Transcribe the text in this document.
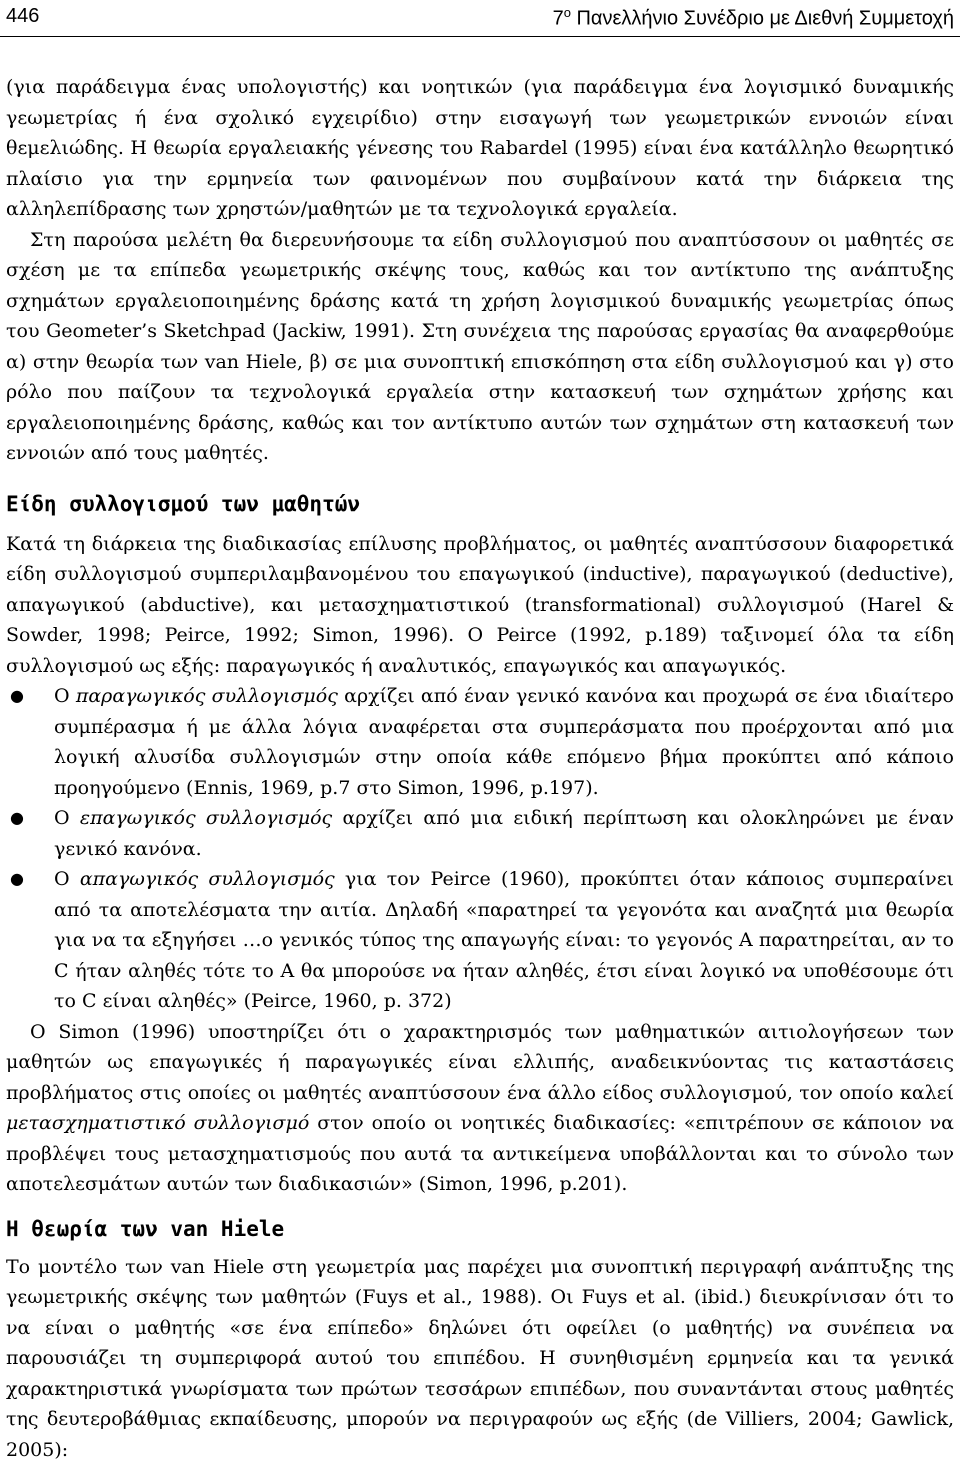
446	$7^o$ Πανελλήνιο Συνέδριο με Διεθνή Συμμετοχή

(για παράδειγμα ένας υπολογιστής) και νοητικών (για παράδειγμα ένα λογισμικό δυναμικής γεωμετρίας ή ένα σχολικό εγχειρίδιο) στην εισαγωγή των γεωμετρικών εννοιών είναι θεμελιώδης. Η θεωρία εργαλειακής γένεσης του Rabardel (1995) είναι ένα κατάλληλο θεωρητικό πλαίσιο για την ερμηνεία των φαινομένων που συμβαίνουν κατά την διάρκεια της αλληλεπίδρασης των χρηστών/μαθητών με τα τεχνολογικά εργαλεία.

Στη παρούσα μελέτη θα διερευνήσουμε τα είδη συλλογισμού που αναπτύσσουν οι μαθητές σε σχέση με τα επίπεδα γεωμετρικής σκέψης τους, καθώς και τον αντίκτυπο της ανάπτυξης σχημάτων εργαλειοποιημένης δράσης κατά τη χρήση λογισμικού δυναμικής γεωμετρίας όπως του Geometer’s Sketchpad (Jackiw, 1991). Στη συνέχεια της παρούσας εργασίας θα αναφερθούμε α) στην θεωρία των van Hiele, β) σε μια συνοπτική επισκόπηση στα είδη συλλογισμού και γ) στο ρόλο που παίζουν τα τεχνολογικά εργαλεία στην κατασκευή των σχημάτων χρήσης και εργαλειοποιημένης δράσης, καθώς και τον αντίκτυπο αυτών των σχημάτων στη κατασκευή των εννοιών από τους μαθητές.

Είδη συλλογισμού των μαθητών

Κατά τη διάρκεια της διαδικασίας επίλυσης προβλήματος, οι μαθητές αναπτύσσουν διαφορετικά είδη συλλογισμού συμπεριλαμβανομένου του επαγωγικού (inductive), παραγωγικού (deductive), απαγωγικού (abductive), και μετασχηματιστικού (transformational) συλλογισμού (Harel & Sowder, 1998; Peirce, 1992; Simon, 1996). Ο Peirce (1992, p.189) ταξινομεί όλα τα είδη συλλογισμού ως εξής: παραγωγικός ή αναλυτικός, επαγωγικός και απαγωγικός.

● Ο παραγωγικός συλλογισμός αρχίζει από έναν γενικό κανόνα και προχωρά σε ένα ιδιαίτερο συμπέρασμα ή με άλλα λόγια αναφέρεται στα συμπεράσματα που προέρχονται από μια λογική αλυσίδα συλλογισμών στην οποία κάθε επόμενο βήμα προκύπτει από κάποιο προηγούμενο (Ennis, 1969, p.7 στο Simon, 1996, p.197).
● Ο επαγωγικός συλλογισμός αρχίζει από μια ειδική περίπτωση και ολοκληρώνει με έναν γενικό κανόνα.
● Ο απαγωγικός συλλογισμός για τον Peirce (1960), προκύπτει όταν κάποιος συμπεραίνει από τα αποτελέσματα την αιτία. Δηλαδή «παρατηρεί τα γεγονότα και αναζητά μια θεωρία για να τα εξηγήσει …ο γενικός τύπος της απαγωγής είναι: το γεγονός Α παρατηρείται, αν το C ήταν αληθές τότε το Α θα μπορούσε να ήταν αληθές, έτσι είναι λογικό να υποθέσουμε ότι το C είναι αληθές» (Peirce, 1960, p. 372)

Ο Simon (1996) υποστηρίζει ότι ο χαρακτηρισμός των μαθηματικών αιτιολογήσεων των μαθητών ως επαγωγικές ή παραγωγικές είναι ελλιπής, αναδεικνύοντας τις καταστάσεις προβλήματος στις οποίες οι μαθητές αναπτύσσουν ένα άλλο είδος συλλογισμού, τον οποίο καλεί μετασχηματιστικό συλλογισμό στον οποίο οι νοητικές διαδικασίες: «επιτρέπουν σε κάποιον να προβλέψει τους μετασχηματισμούς που αυτά τα αντικείμενα υποβάλλονται και το σύνολο των αποτελεσμάτων αυτών των διαδικασιών» (Simon, 1996, p.201).

Η θεωρία των van Hiele

Το μοντέλο των van Hiele στη γεωμετρία μας παρέχει μια συνοπτική περιγραφή ανάπτυξης της γεωμετρικής σκέψης των μαθητών (Fuys et al., 1988). Οι Fuys et al. (ibid.) διευκρίνισαν ότι το να είναι ο μαθητής «σε ένα επίπεδο» δηλώνει ότι οφείλει (ο μαθητής) να συνέπεια να παρουσιάζει τη συμπεριφορά αυτού του επιπέδου. Η συνηθισμένη ερμηνεία και τα γενικά χαρακτηριστικά γνωρίσματα των πρώτων τεσσάρων επιπέδων, που συναντάνται στους μαθητές της δευτεροβάθμιας εκπαίδευσης, μπορούν να περιγραφούν ως εξής (de Villiers, 2004; Gawlick, 2005):
